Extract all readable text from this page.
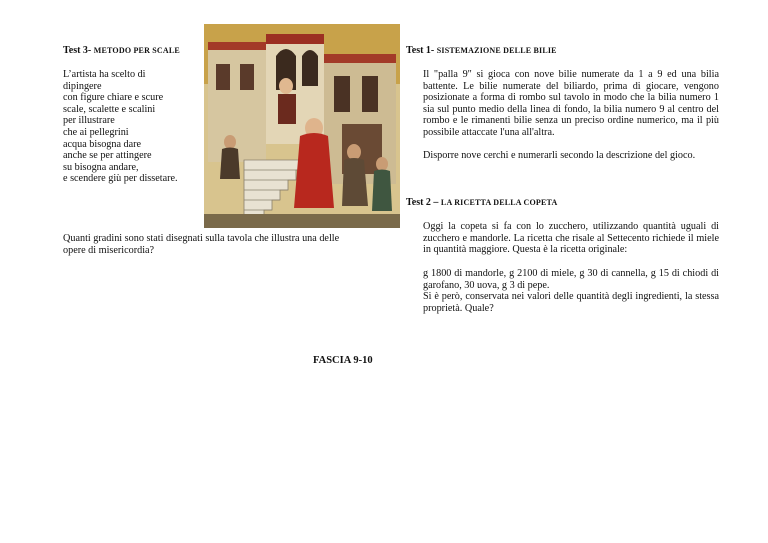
Test 3- METODO PER SCALE
L’artista ha scelto di
dipingere
con figure chiare e scure
scale, scalette e scalini
per illustrare
che ai pellegrini
acqua bisogna dare
anche se per attingere
su bisogna andare,
e scendere giù per dissetare.
Quanti gradini sono stati disegnati sulla tavola che illustra una delle opere di misericordia?
FASCIA 9-10
Test 1- SISTEMAZIONE DELLE BILIE
Il "palla 9" si gioca con nove bilie numerate da 1 a 9 ed una bilia battente. Le bilie numerate del biliardo, prima di giocare, vengono posizionate a forma di rombo sul tavolo in modo che la bilia numero 1 sia sul punto medio della linea di fondo, la bilia numero 9 al centro del rombo e le rimanenti bilie senza un preciso ordine numerico, ma il più possibile attaccate l'una all'altra.
Disporre nove cerchi e numerarli secondo la descrizione del gioco.
Test 2 – LA RICETTA DELLA COPETA
Oggi la copeta si fa con lo zucchero, utilizzando quantità uguali di zucchero e mandorle. La ricetta che risale al Settecento richiede il miele in quantità maggiore. Questa è la ricetta originale:
g 1800 di mandorle, g 2100 di miele, g 30 di cannella, g 15 di chiodi di garofano, 30 uova, g 3 di pepe.
Si è però, conservata nei valori delle quantità degli ingredienti, la stessa proprietà. Quale?
